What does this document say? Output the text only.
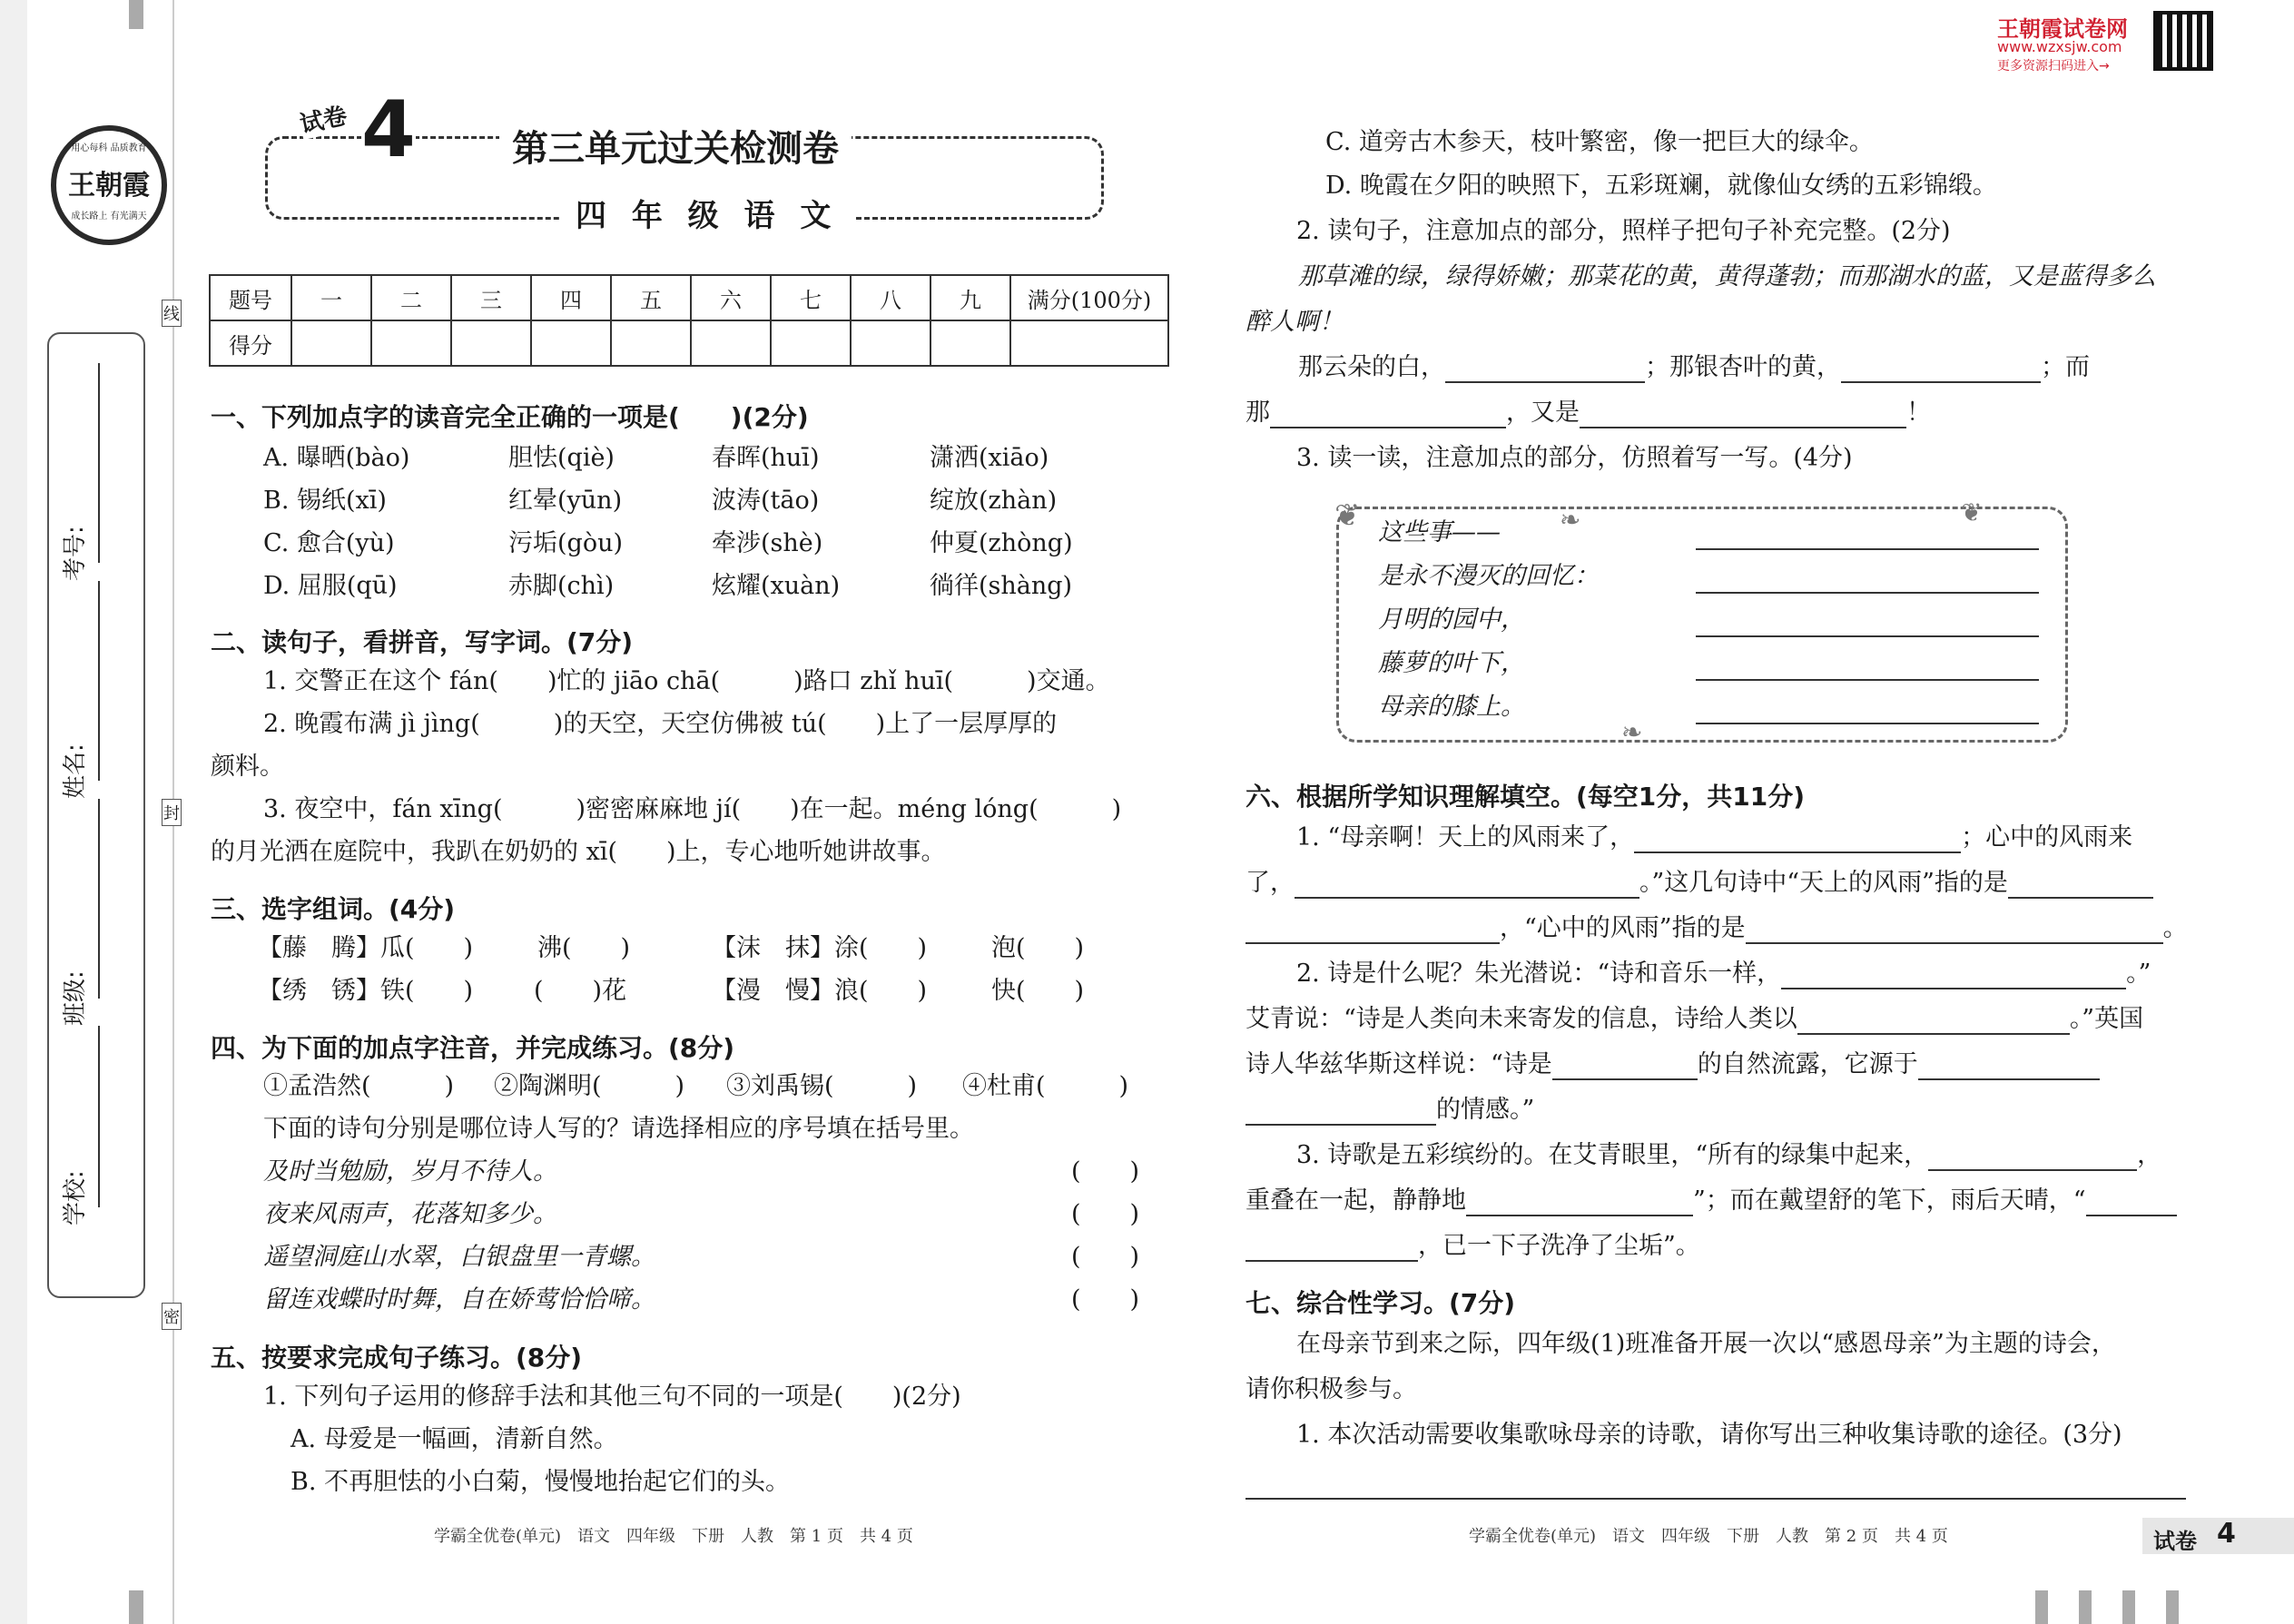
用心每科 品质教育
王朝霞
成长路上 有光满天
学校:
班级:
姓名:
考号:
线
封
密
试卷 4	第三单元过关检测卷
四 年 级 语 文
题号	一	二	三	四	五	六	七	八	九	满分(100分)
得分										
一、下列加点字的读音完全正确的一项是(　　)(2分)
A. 曝晒(bào)	胆怯(qiè)	春晖(huī)	潇洒(xiāo)
B. 锡纸(xī)	红晕(yūn)	波涛(tāo)	绽放(zhàn)
C. 愈合(yù)	污垢(gòu)	牵涉(shè)	仲夏(zhòng)
D. 屈服(qū)	赤脚(chì)	炫耀(xuàn)	徜徉(shàng)
二、读句子，看拼音，写字词。(7分)
1. 交警正在这个 fán(　　)忙的 jiāo chā(　　　)路口 zhǐ huī(　　　)交通。
2. 晚霞布满 jì jìng(　　　)的天空，天空仿佛被 tú(　　)上了一层厚厚的
颜料。
3. 夜空中，fán xīng(　　　)密密麻麻地 jí(　　)在一起。méng lóng(　　　)
的月光洒在庭院中，我趴在奶奶的 xī(　　)上，专心地听她讲故事。
三、选字组词。(4分)
【藤　腾】瓜(　　)	沸(　　)	【沫　抹】涂(　　)	泡(　　)
【绣　锈】铁(　　) (　　)花	【漫　慢】浪(　　)	快(　　)
四、为下面的加点字注音，并完成练习。(8分)
①孟浩然(　　　) ②陶渊明(　　　) ③刘禹锡(　　　) ④杜甫(　　　)
下面的诗句分别是哪位诗人写的？请选择相应的序号填在括号里。
及时当勉励，岁月不待人。	(　　)
夜来风雨声，花落知多少。	(　　)
遥望洞庭山水翠，白银盘里一青螺。	(　　)
留连戏蝶时时舞，自在娇莺恰恰啼。	(　　)
五、按要求完成句子练习。(8分)
1. 下列句子运用的修辞手法和其他三句不同的一项是(　　)(2分)
A. 母爱是一幅画，清新自然。
B. 不再胆怯的小白菊，慢慢地抬起它们的头。
学霸全优卷(单元)　语文　四年级　下册　人教　第 1 页　共 4 页
王朝霞试卷网
www.wzxsjw.com
更多资源扫码进入→
C. 道旁古木参天，枝叶繁密，像一把巨大的绿伞。
D. 晚霞在夕阳的映照下，五彩斑斓，就像仙女绣的五彩锦缎。
2. 读句子，注意加点的部分，照样子把句子补充完整。(2分)
那草滩的绿，绿得娇嫩；那菜花的黄，黄得蓬勃；而那湖水的蓝，又是蓝得多么
醉人啊！
那云朵的白，	；那银杏叶的黄，	；而
那	，又是	！
3. 读一读，注意加点的部分，仿照着写一写。(4分)
❦	❧	❦
❧
这些事——
是永不漫灭的回忆：
月明的园中，
藤萝的叶下，
母亲的膝上。
六、根据所学知识理解填空。(每空1分，共11分)
1. “母亲啊！天上的风雨来了，	；心中的风雨来
了，	。”这几句诗中“天上的风雨”指的是
，“心中的风雨”指的是	。
2. 诗是什么呢？朱光潜说：“诗和音乐一样，	。”
艾青说：“诗是人类向未来寄发的信息，诗给人类以	。”英国
诗人华兹华斯这样说：“诗是	的自然流露，它源于
的情感。”
3. 诗歌是五彩缤纷的。在艾青眼里，“所有的绿集中起来，	，
重叠在一起，静静地	”；而在戴望舒的笔下，雨后天晴，“
，已一下子洗净了尘垢”。
七、综合性学习。(7分)
在母亲节到来之际，四年级(1)班准备开展一次以“感恩母亲”为主题的诗会，
请你积极参与。
1. 本次活动需要收集歌咏母亲的诗歌，请你写出三种收集诗歌的途径。(3分)
学霸全优卷(单元)　语文　四年级　下册　人教　第 2 页　共 4 页	试卷 4
